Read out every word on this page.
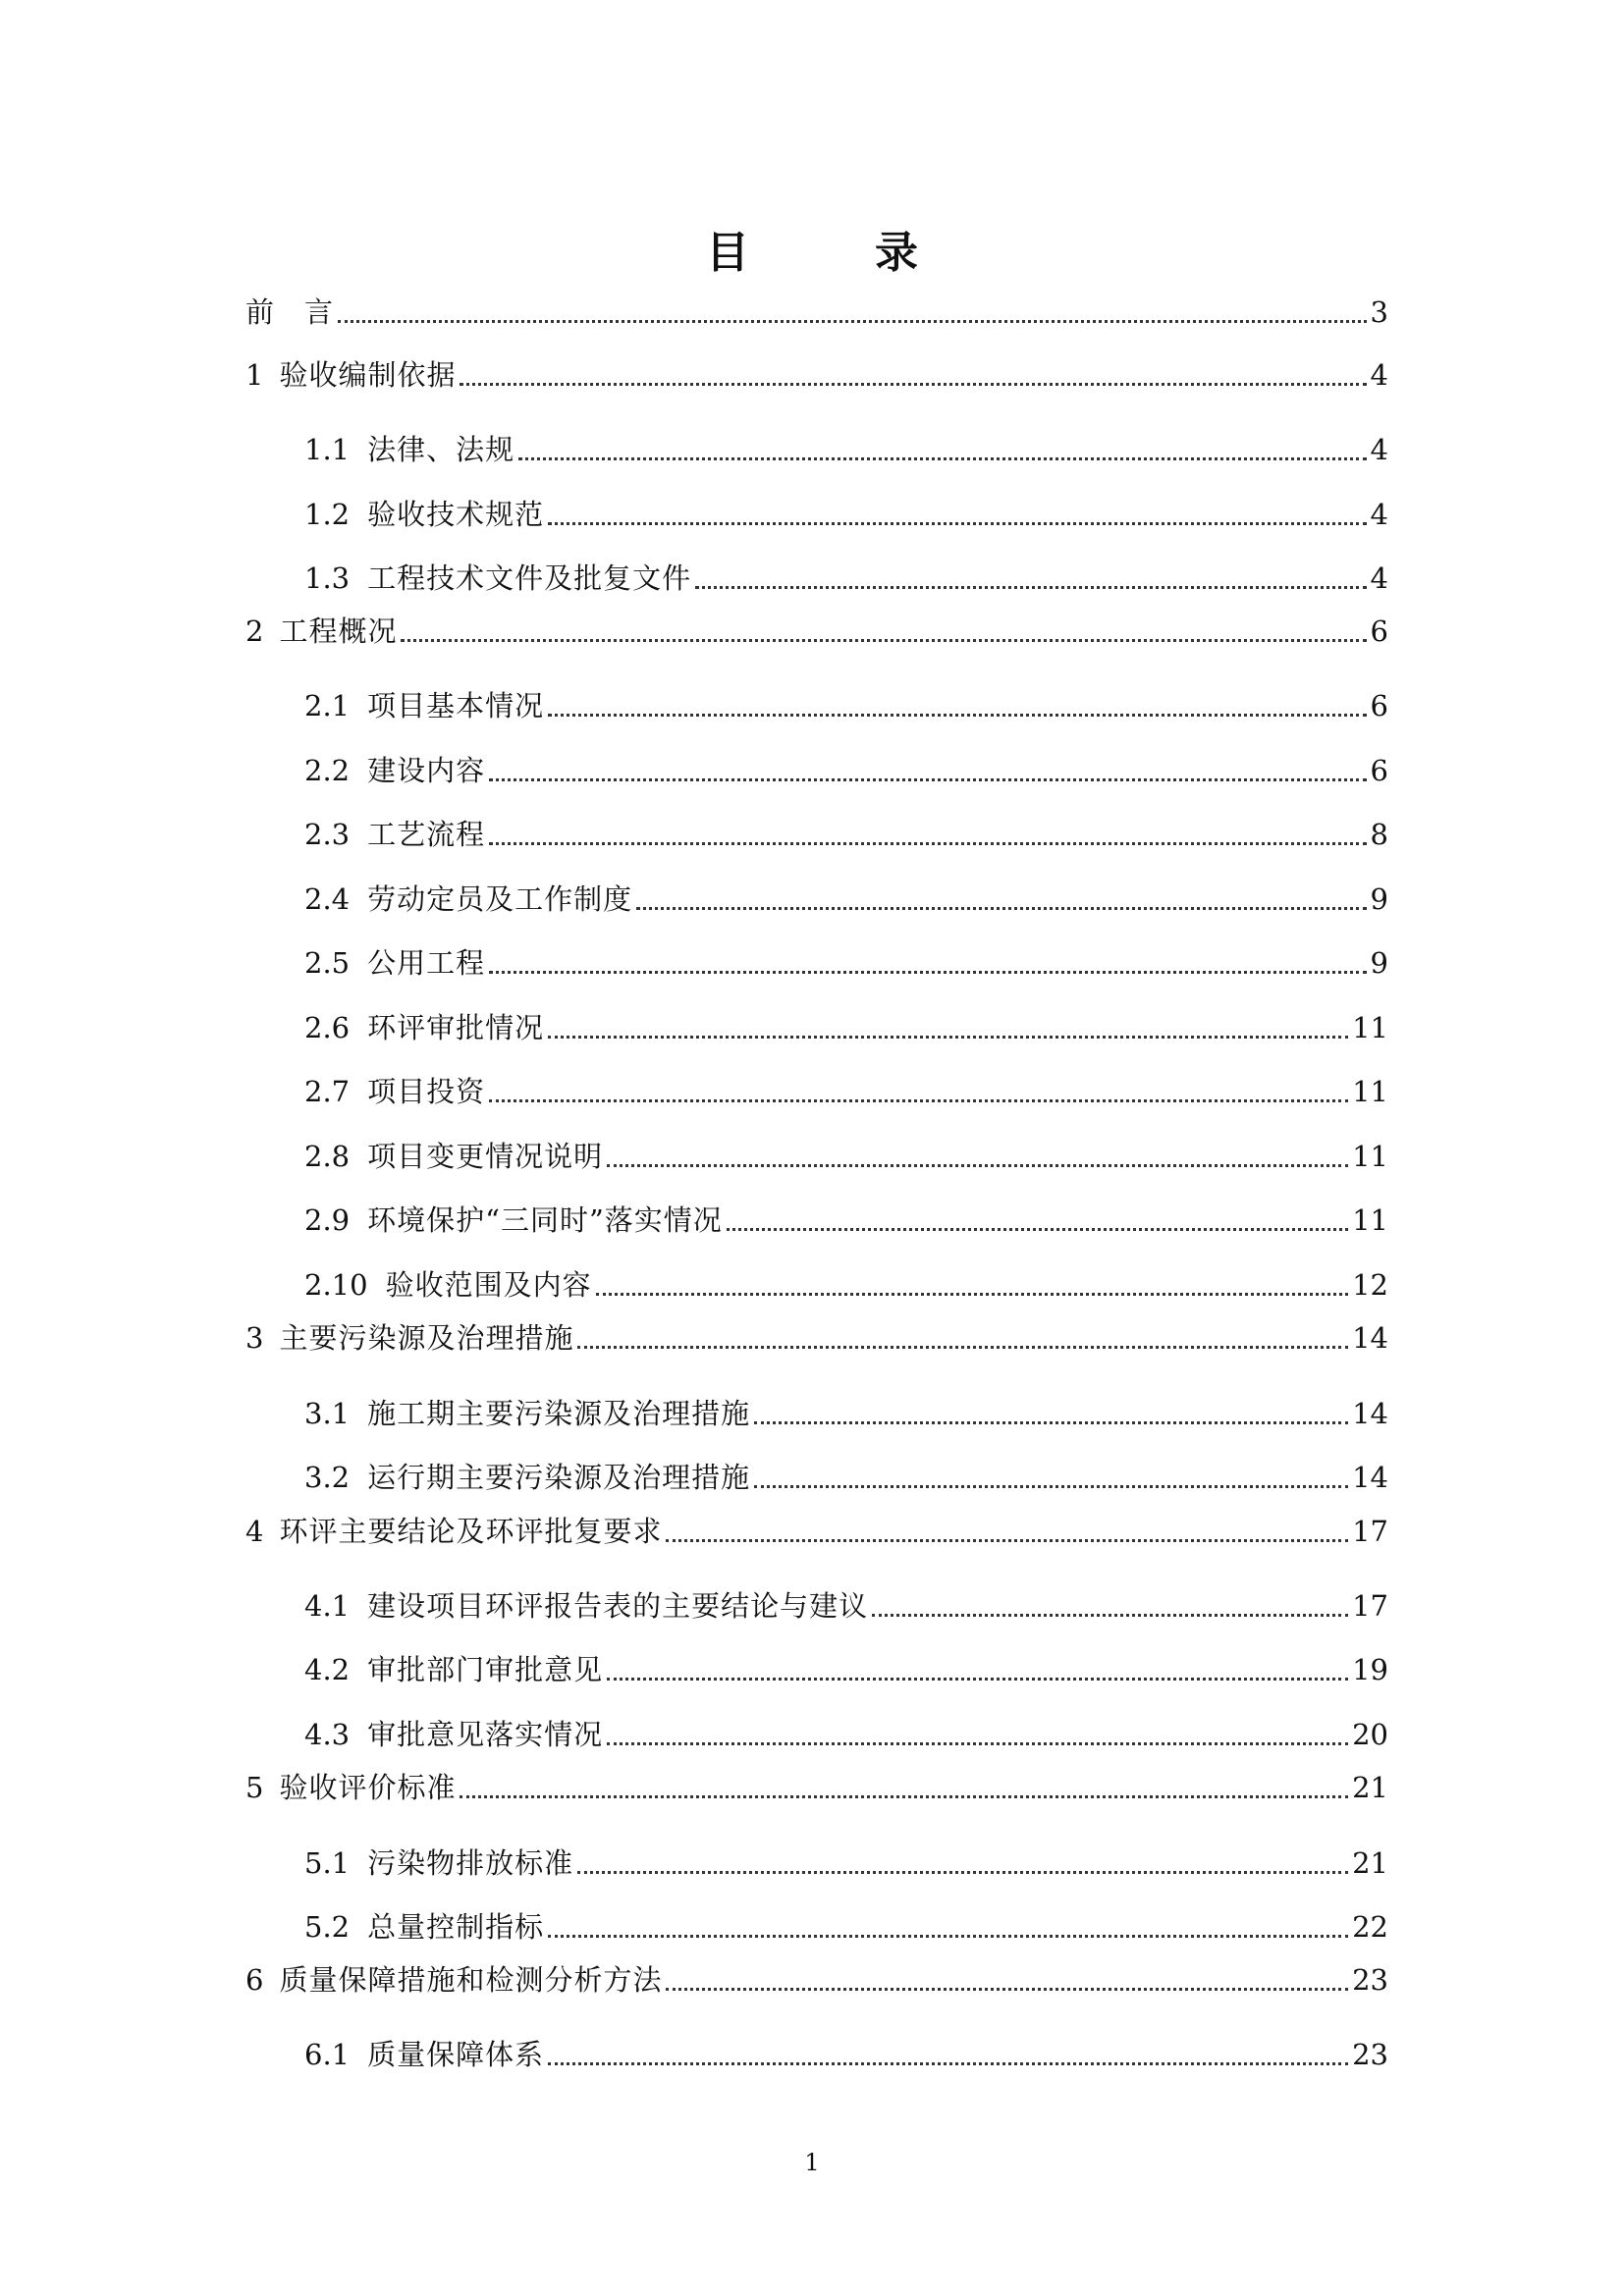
目　录
前　言	3
1 验收编制依据	4
1.1 法律、法规	4
1.2 验收技术规范	4
1.3 工程技术文件及批复文件	4
2 工程概况	6
2.1 项目基本情况	6
2.2 建设内容	6
2.3 工艺流程	8
2.4 劳动定员及工作制度	9
2.5 公用工程	9
2.6 环评审批情况	11
2.7 项目投资	11
2.8 项目变更情况说明	11
2.9 环境保护“三同时”落实情况	11
2.10 验收范围及内容	12
3 主要污染源及治理措施	14
3.1 施工期主要污染源及治理措施	14
3.2 运行期主要污染源及治理措施	14
4 环评主要结论及环评批复要求	17
4.1 建设项目环评报告表的主要结论与建议	17
4.2 审批部门审批意见	19
4.3 审批意见落实情况	20
5 验收评价标准	21
5.1 污染物排放标准	21
5.2 总量控制指标	22
6 质量保障措施和检测分析方法	23
6.1 质量保障体系	23
1
